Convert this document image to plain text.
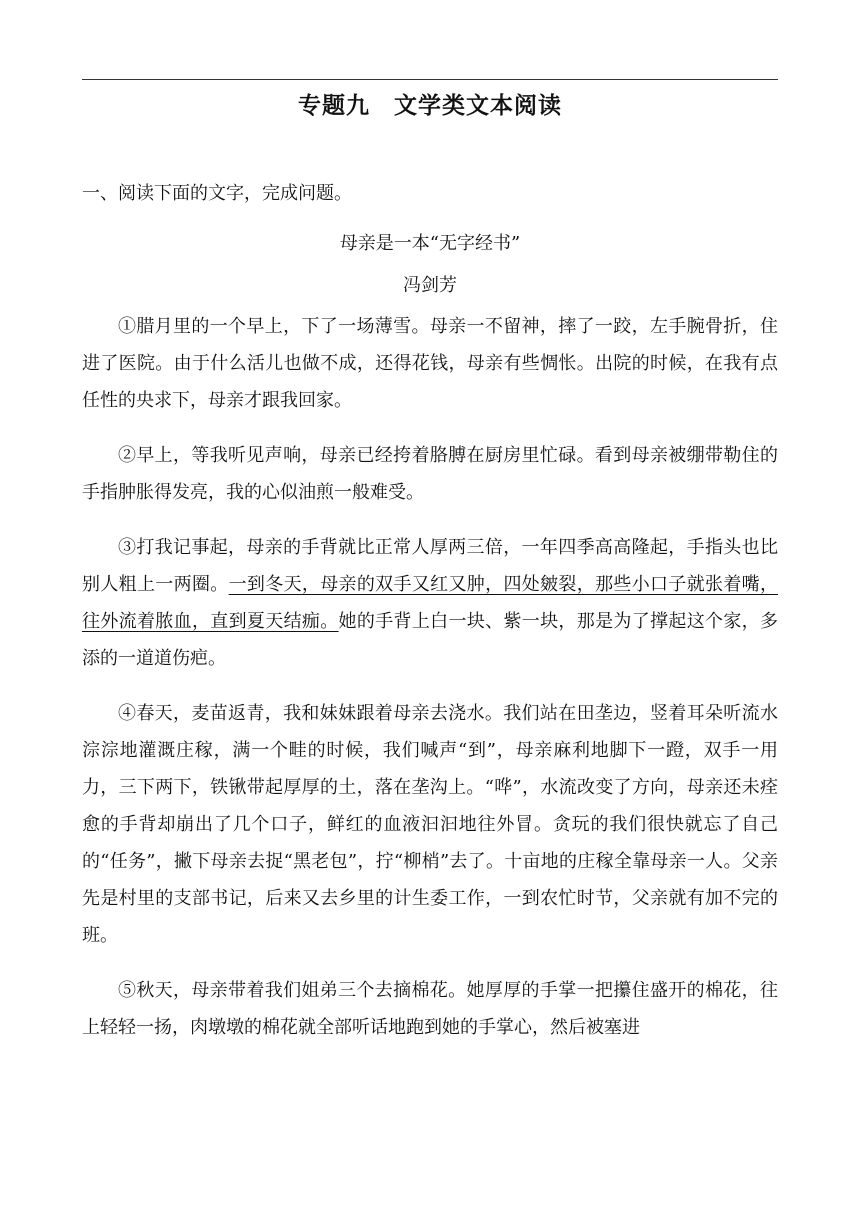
专题九　文学类文本阅读
一、阅读下面的文字，完成问题。
母亲是一本“无字经书”
冯剑芳

①腊月里的一个早上，下了一场薄雪。母亲一不留神，摔了一跤，左手腕骨折，住进了医院。由于什么活儿也做不成，还得花钱，母亲有些惆怅。出院的时候，在我有点任性的央求下，母亲才跟我回家。

②早上，等我听见声响，母亲已经挎着胳膊在厨房里忙碌。看到母亲被绷带勒住的手指肿胀得发亮，我的心似油煎一般难受。

③打我记事起，母亲的手背就比正常人厚两三倍，一年四季高高隆起，手指头也比别人粗上一两圈。一到冬天，母亲的双手又红又肿，四处皴裂，那些小口子就张着嘴，往外流着脓血，直到夏天结痂。她的手背上白一块、紫一块，那是为了撑起这个家，多添的一道道伤疤。

④春天，麦苗返青，我和妹妹跟着母亲去浇水。我们站在田垄边，竖着耳朵听流水淙淙地灌溉庄稼，满一个畦的时候，我们喊声“到”，母亲麻利地脚下一蹬，双手一用力，三下两下，铁锹带起厚厚的土，落在垄沟上。“哗”，水流改变了方向，母亲还未痊愈的手背却崩出了几个口子，鲜红的血液汩汩地往外冒。贪玩的我们很快就忘了自己的“任务”，撇下母亲去捉“黑老包”，拧“柳梢”去了。十亩地的庄稼全靠母亲一人。父亲先是村里的支部书记，后来又去乡里的计生委工作，一到农忙时节，父亲就有加不完的班。

⑤秋天，母亲带着我们姐弟三个去摘棉花。她厚厚的手掌一把攥住盛开的棉花，往上轻轻一扬，肉墩墩的棉花就全部听话地跑到她的手掌心，然后被塞进
